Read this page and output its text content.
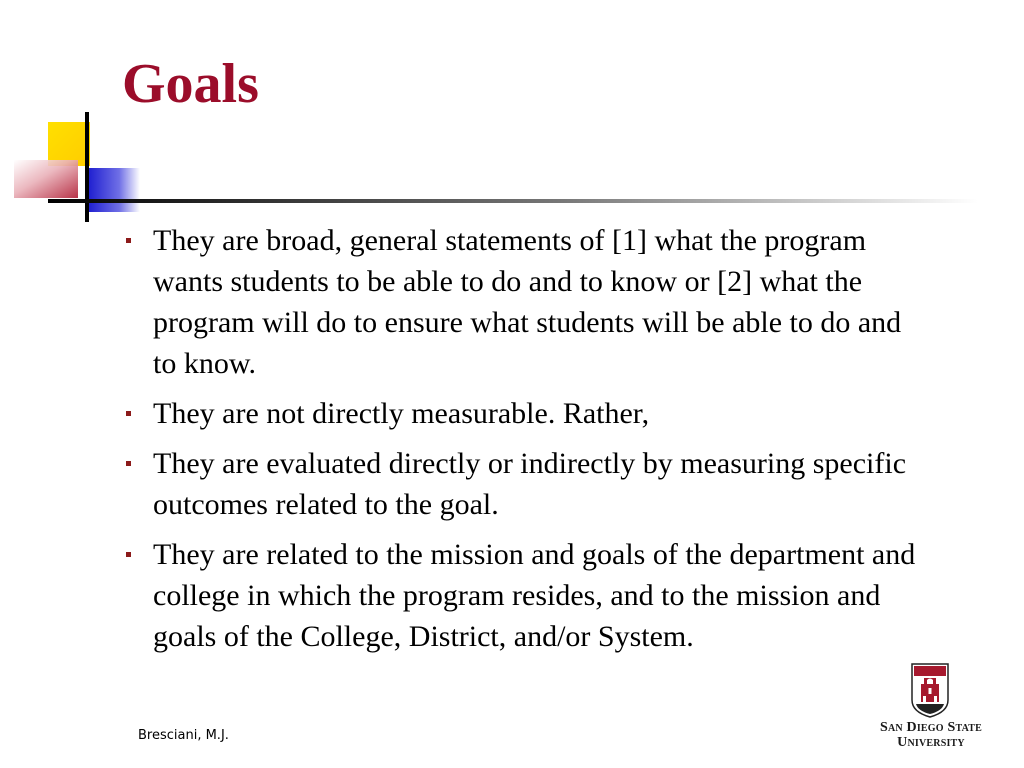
Goals
They are broad, general statements of [1] what the program wants students to be able to do and to know or [2] what the program will do to ensure what students will be able to do and to know.
They are not directly measurable. Rather,
They are evaluated directly or indirectly by measuring specific outcomes related to the goal.
They are related to the mission and goals of the department and college in which the program resides, and to the mission and goals of the College, District, and/or System.
Bresciani, M.J.
San Diego State
University
